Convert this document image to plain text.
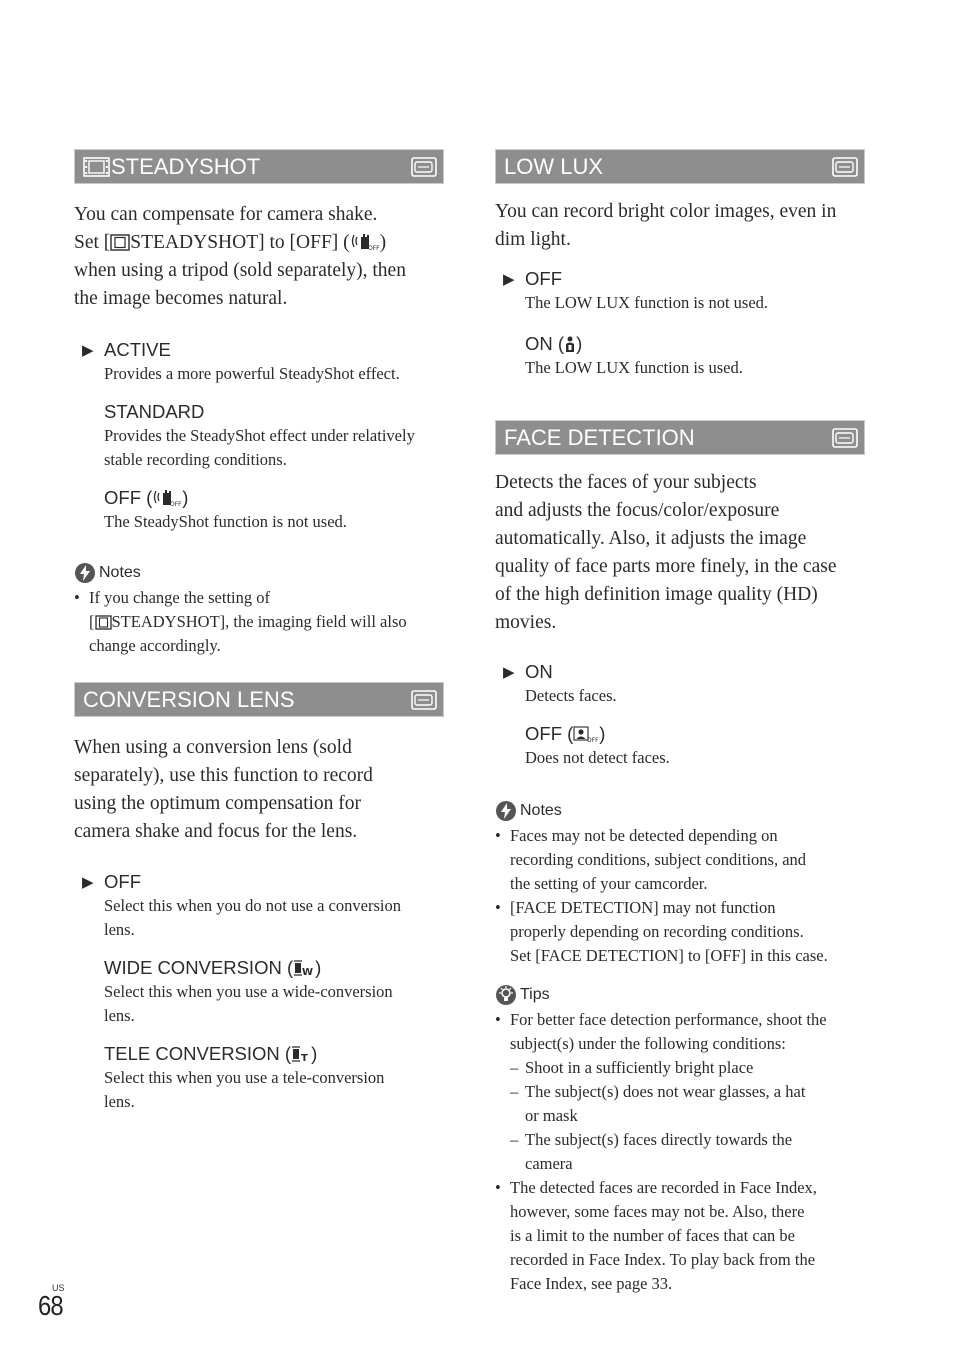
STEADYSHOT
You can compensate for camera shake.
Set [ STEADYSHOT] to [OFF] (	OFF )
when using a tripod (sold separately), then
the image becomes natural.
▶ ACTIVE
Provides a more powerful SteadyShot effect.
STANDARD
Provides the SteadyShot effect under relatively
stable recording conditions.
OFF (	OFF )
The SteadyShot function is not used.
Notes
• If you change the setting of
[ STEADYSHOT], the imaging field will also
change accordingly.
CONVERSION LENS
When using a conversion lens (sold
separately), use this function to record
using the optimum compensation for
camera shake and focus for the lens.
▶ OFF
Select this when you do not use a conversion
lens.
WIDE CONVERSION ( W )
Select this when you use a wide-conversion
lens.
TELE CONVERSION ( T )
Select this when you use a tele-conversion
lens.
LOW LUX
You can record bright color images, even in
dim light.
▶ OFF
The LOW LUX function is not used.
ON ( )
The LOW LUX function is used.
FACE DETECTION
Detects the faces of your subjects
and adjusts the focus/color/exposure
automatically. Also, it adjusts the image
quality of face parts more finely, in the case
of the high definition image quality (HD)
movies.
▶ ON
Detects faces.
OFF ( OFF )
Does not detect faces.
Notes
• Faces may not be detected depending on
recording conditions, subject conditions, and
the setting of your camcorder.
• [FACE DETECTION] may not function
properly depending on recording conditions.
Set [FACE DETECTION] to [OFF] in this case.
Tips
• For better face detection performance, shoot the
subject(s) under the following conditions:
– Shoot in a sufficiently bright place
– The subject(s) does not wear glasses, a hat
or mask
– The subject(s) faces directly towards the
camera
• The detected faces are recorded in Face Index,
however, some faces may not be. Also, there
is a limit to the number of faces that can be
recorded in Face Index. To play back from the
Face Index, see page 33.
US
68
